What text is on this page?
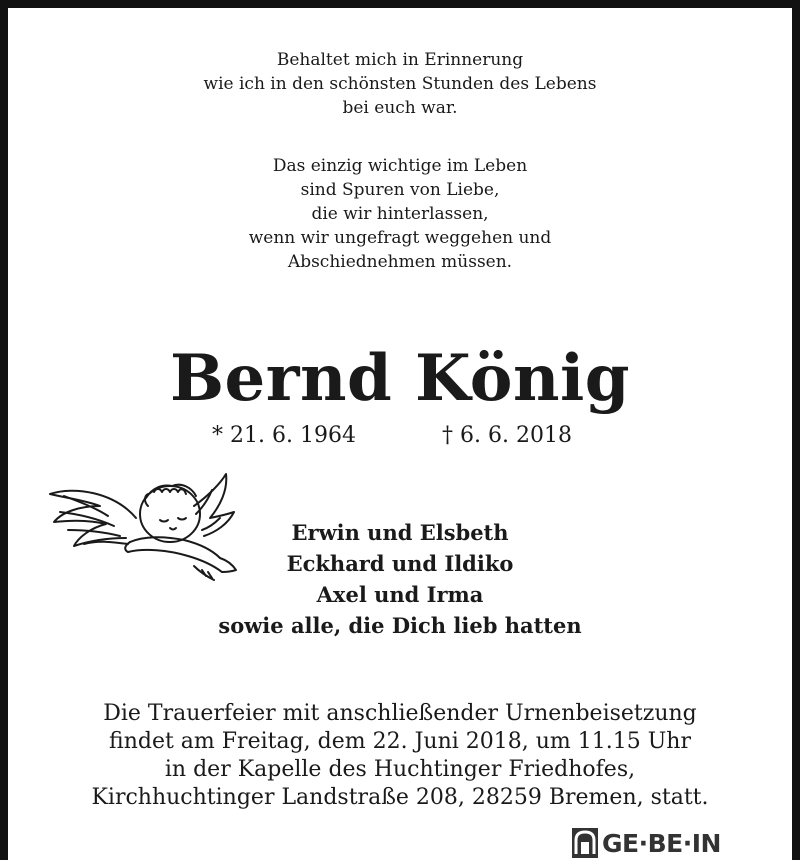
Behaltet mich in Erinnerung
wie ich in den schönsten Stunden des Lebens
bei euch war.
Das einzig wichtige im Leben
sind Spuren von Liebe,
die wir hinterlassen,
wenn wir ungefragt weggehen und
Abschiednehmen müssen.
Bernd König
* 21. 6. 1964	† 6. 6. 2018
Erwin und Elsbeth
Eckhard und Ildiko
Axel und Irma
sowie alle, die Dich lieb hatten
Die Trauerfeier mit anschließender Urnenbeisetzung
findet am Freitag, dem 22. Juni 2018, um 11.15 Uhr
in der Kapelle des Huchtinger Friedhofes,
Kirchhuchtinger Landstraße 208, 28259 Bremen, statt.
GE·BE·IN
